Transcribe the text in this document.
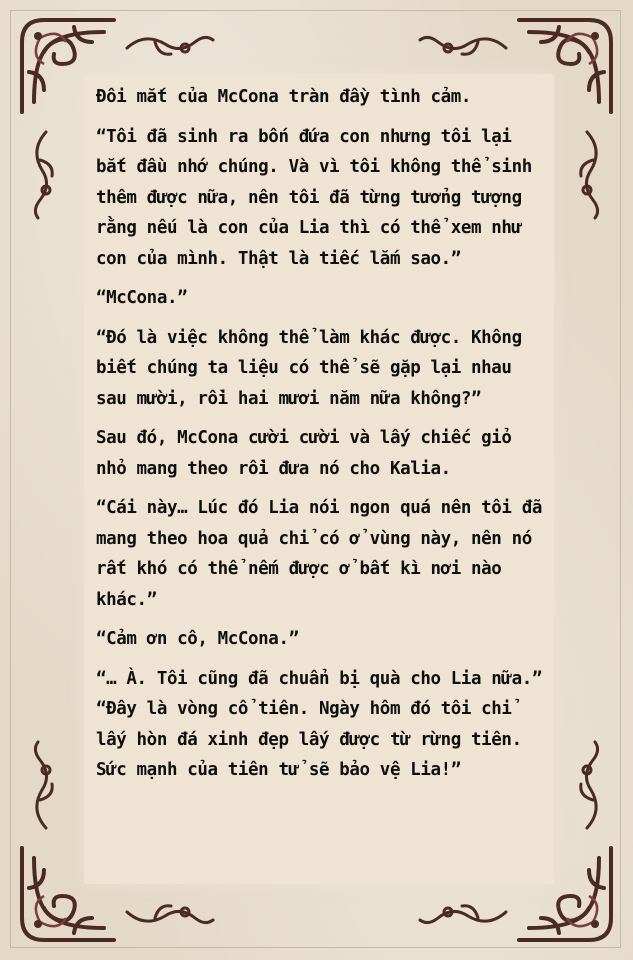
Đôi mắt của McCona tràn đầy tình cảm.

“Tôi đã sinh ra bốn đứa con nhưng tôi lại bắt đầu nhớ chúng. Và vì tôi không thể sinh thêm được nữa, nên tôi đã từng tưởng tượng rằng nếu là con của Lia thì có thể xem như con của mình. Thật là tiếc lắm sao.”

“McCona.”

“Đó là việc không thể làm khác được. Không biết chúng ta liệu có thể sẽ gặp lại nhau sau mười, rồi hai mươi năm nữa không?”

Sau đó, McCona cười cười và lấy chiếc giỏ nhỏ mang theo rồi đưa nó cho Kalia.

“Cái này… Lúc đó Lia nói ngon quá nên tôi đã mang theo hoa quả chỉ có ở vùng này, nên nó rất khó có thể nếm được ở bất kì nơi nào khác.”

“Cảm ơn cô, McCona.”

“… À. Tôi cũng đã chuẩn bị quà cho Lia nữa.”

“Đây là vòng cổ tiên. Ngày hôm đó tôi chỉ lấy hòn đá xinh đẹp lấy được từ rừng tiên. Sức mạnh của tiên tử sẽ bảo vệ Lia!”
